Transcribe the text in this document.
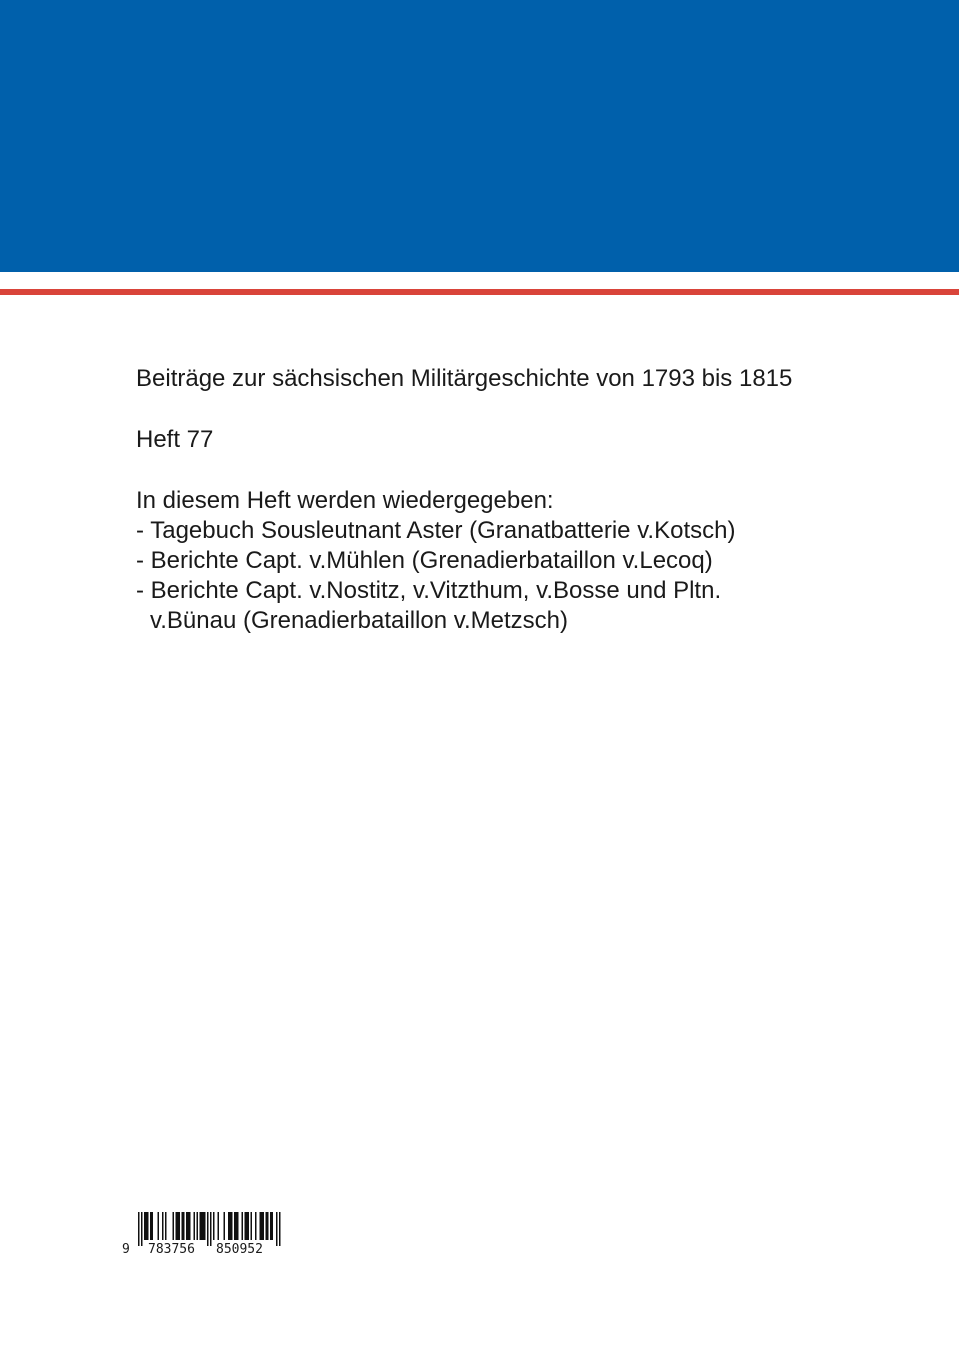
Beiträge zur sächsischen Militärgeschichte von 1793 bis 1815

Heft 77

In diesem Heft werden wiedergegeben:

- Tagebuch Sousleutnant Aster (Granatbatterie v.Kotsch)

- Berichte Capt. v.Mühlen (Grenadierbataillon v.Lecoq)

- Berichte Capt. v.Nostitz, v.Vitzthum, v.Bosse und Pltn.

v.Bünau (Grenadierbataillon v.Metzsch)

9 783756 850952
